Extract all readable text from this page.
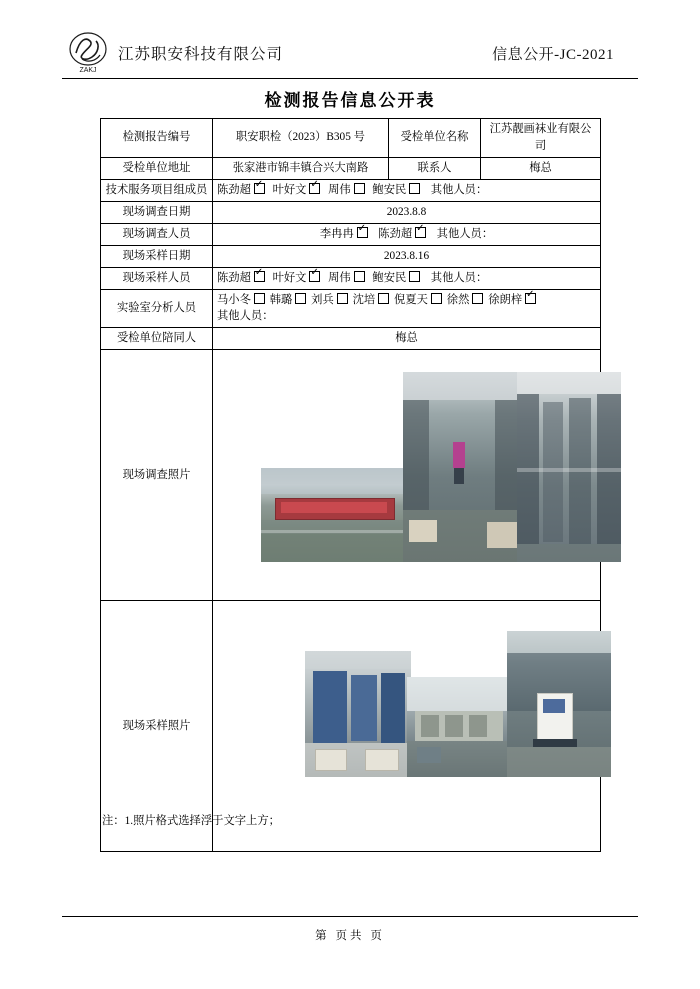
ZAKJ
江苏职安科技有限公司	信息公开-JC-2021
检测报告信息公开表
检测报告编号	职安职检（2023）B305 号	受检单位名称	江苏靓画袜业有限公司
受检单位地址	张家港市锦丰镇合兴大南路	联系人	梅总
技术服务项目组成员	陈劲超 ✓ 叶好文 ✓ 周伟 鲍安民 其他人员：
现场调查日期	2023.8.8		
现场调查人员	李冉冉 ✓ 陈劲超 ✓ 其他人员：
现场采样日期	2023.8.16		
现场采样人员	陈劲超 ✓ 叶好文 ✓ 周伟 鲍安民 其他人员：
实验室分析人员	马小冬 韩璐 刘兵 沈培 倪夏天 徐然 徐朗梓✓
其他人员：
受检单位陪同人	梅总		
现场调查照片			

现场采样照片			
注：1.照片格式选择浮于文字上方；
第 页共 页
